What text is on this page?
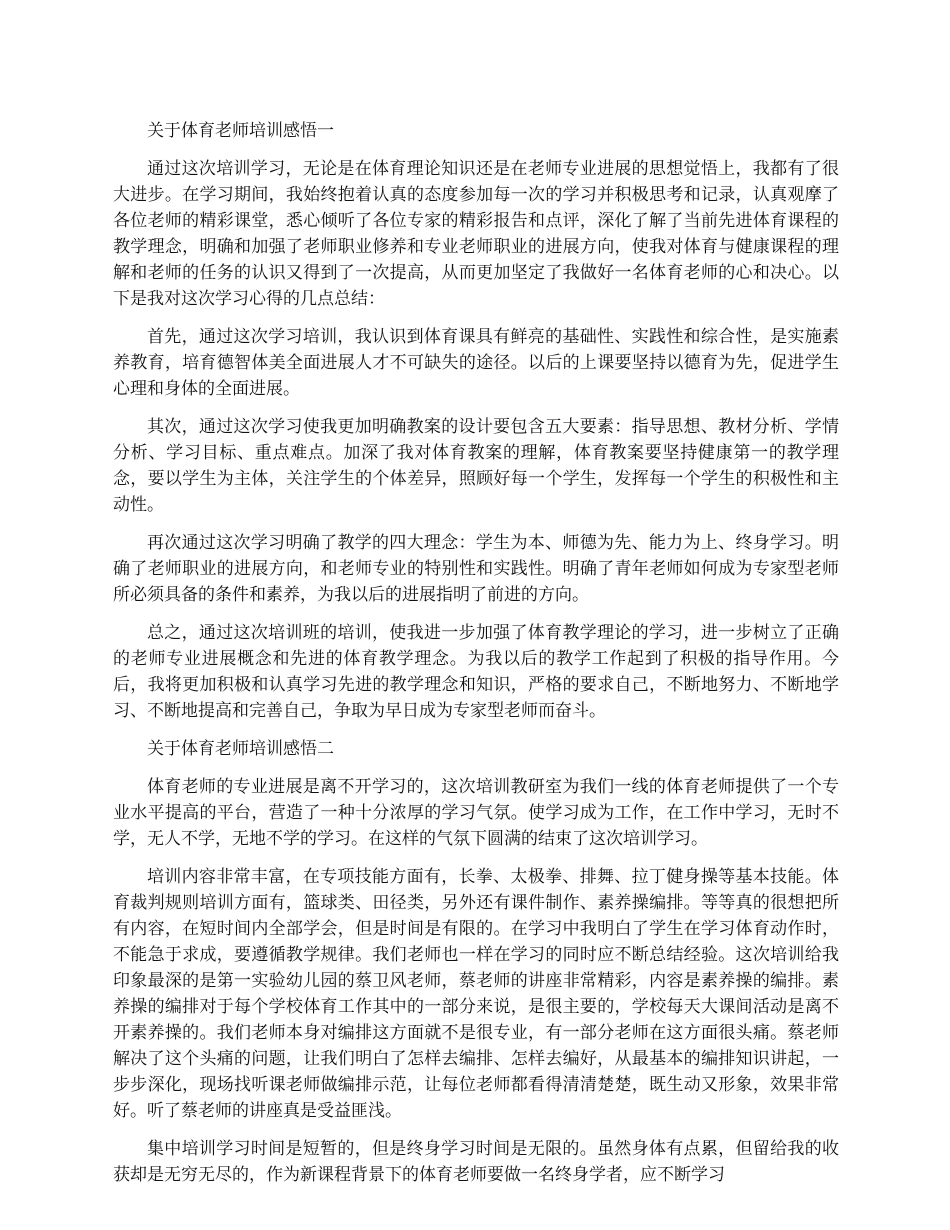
关于体育老师培训感悟一

通过这次培训学习，无论是在体育理论知识还是在老师专业进展的思想觉悟上，我都有了很大进步。在学习期间，我始终抱着认真的态度参加每一次的学习并积极思考和记录，认真观摩了各位老师的精彩课堂，悉心倾听了各位专家的精彩报告和点评，深化了解了当前先进体育课程的教学理念，明确和加强了老师职业修养和专业老师职业的进展方向，使我对体育与健康课程的理解和老师的任务的认识又得到了一次提高，从而更加坚定了我做好一名体育老师的心和决心。以下是我对这次学习心得的几点总结：

首先，通过这次学习培训，我认识到体育课具有鲜亮的基础性、实践性和综合性，是实施素养教育，培育德智体美全面进展人才不可缺失的途径。以后的上课要坚持以德育为先，促进学生心理和身体的全面进展。

其次，通过这次学习使我更加明确教案的设计要包含五大要素：指导思想、教材分析、学情分析、学习目标、重点难点。加深了我对体育教案的理解，体育教案要坚持健康第一的教学理念，要以学生为主体，关注学生的个体差异，照顾好每一个学生，发挥每一个学生的积极性和主动性。

再次通过这次学习明确了教学的四大理念：学生为本、师德为先、能力为上、终身学习。明确了老师职业的进展方向，和老师专业的特别性和实践性。明确了青年老师如何成为专家型老师所必须具备的条件和素养，为我以后的进展指明了前进的方向。

总之，通过这次培训班的培训，使我进一步加强了体育教学理论的学习，进一步树立了正确的老师专业进展概念和先进的体育教学理念。为我以后的教学工作起到了积极的指导作用。今后，我将更加积极和认真学习先进的教学理念和知识，严格的要求自己，不断地努力、不断地学习、不断地提高和完善自己，争取为早日成为专家型老师而奋斗。

关于体育老师培训感悟二

体育老师的专业进展是离不开学习的，这次培训教研室为我们一线的体育老师提供了一个专业水平提高的平台，营造了一种十分浓厚的学习气氛。使学习成为工作，在工作中学习，无时不学，无人不学，无地不学的学习。在这样的气氛下圆满的结束了这次培训学习。

培训内容非常丰富，在专项技能方面有，长拳、太极拳、排舞、拉丁健身操等基本技能。体育裁判规则培训方面有，篮球类、田径类，另外还有课件制作、素养操编排。等等真的很想把所有内容，在短时间内全部学会，但是时间是有限的。在学习中我明白了学生在学习体育动作时，不能急于求成，要遵循教学规律。我们老师也一样在学习的同时应不断总结经验。这次培训给我印象最深的是第一实验幼儿园的蔡卫风老师，蔡老师的讲座非常精彩，内容是素养操的编排。素养操的编排对于每个学校体育工作其中的一部分来说，是很主要的，学校每天大课间活动是离不开素养操的。我们老师本身对编排这方面就不是很专业，有一部分老师在这方面很头痛。蔡老师解决了这个头痛的问题，让我们明白了怎样去编排、怎样去编好，从最基本的编排知识讲起，一步步深化，现场找听课老师做编排示范，让每位老师都看得清清楚楚，既生动又形象，效果非常好。听了蔡老师的讲座真是受益匪浅。

集中培训学习时间是短暂的，但是终身学习时间是无限的。虽然身体有点累，但留给我的收获却是无穷无尽的，作为新课程背景下的体育老师要做一名终身学者，应不断学习
